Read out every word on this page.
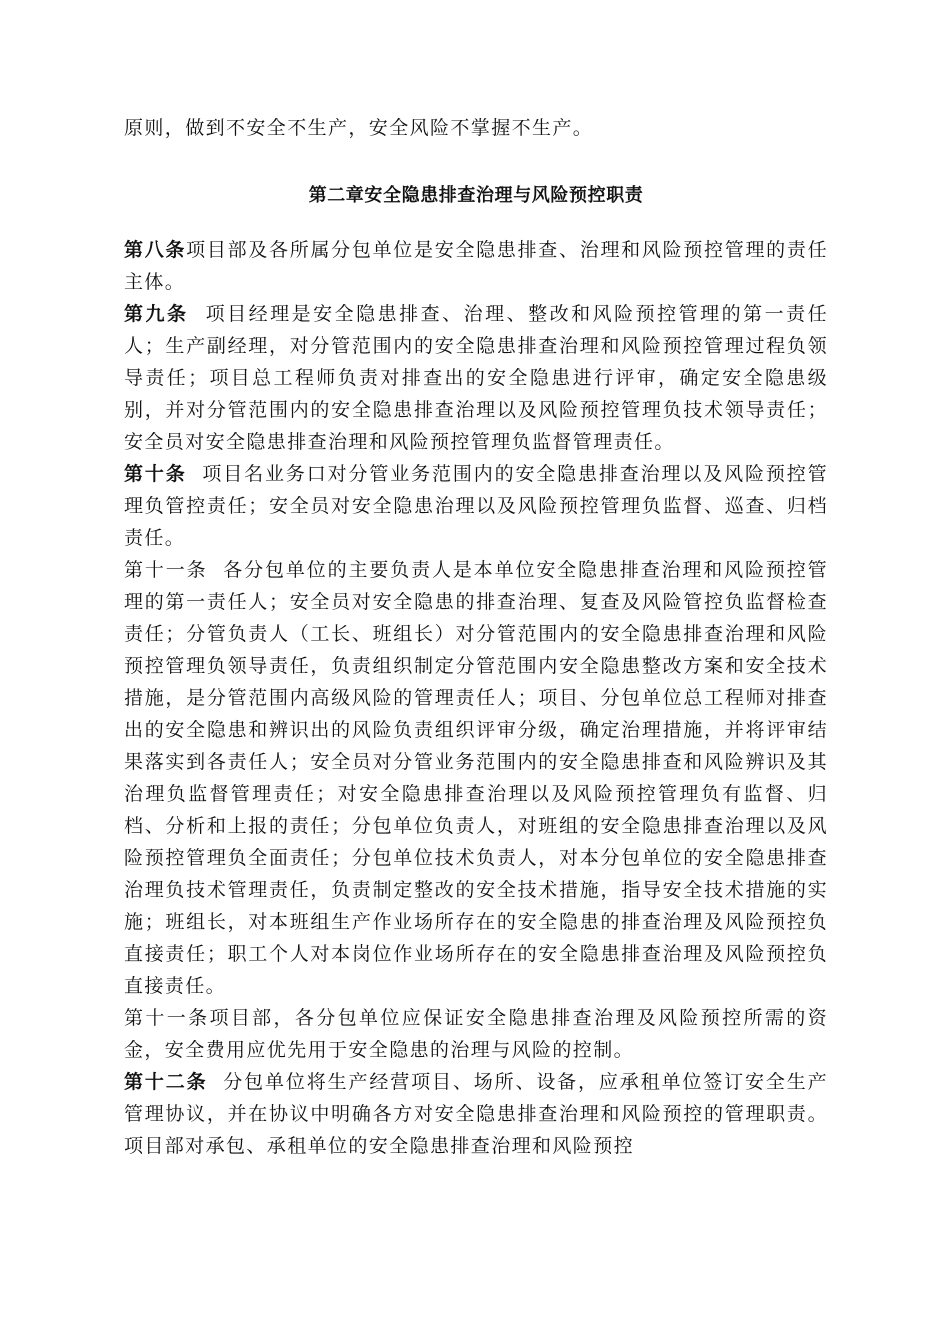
原则，做到不安全不生产，安全风险不掌握不生产。

第二章安全隐患排查治理与风险预控职责

第八条项目部及各所属分包单位是安全隐患排查、治理和风险预控管理的责任主体。

第九条  项目经理是安全隐患排查、治理、整改和风险预控管理的第一责任人；生产副经理，对分管范围内的安全隐患排查治理和风险预控管理过程负领导责任；项目总工程师负责对排查出的安全隐患进行评审，确定安全隐患级别，并对分管范围内的安全隐患排查治理以及风险预控管理负技术领导责任；安全员对安全隐患排查治理和风险预控管理负监督管理责任。

第十条  项目名业务口对分管业务范围内的安全隐患排查治理以及风险预控管理负管控责任；安全员对安全隐患治理以及风险预控管理负监督、巡查、归档责任。

第十一条  各分包单位的主要负责人是本单位安全隐患排查治理和风险预控管理的第一责任人；安全员对安全隐患的排查治理、复查及风险管控负监督检查责任；分管负责人（工长、班组长）对分管范围内的安全隐患排查治理和风险预控管理负领导责任，负责组织制定分管范围内安全隐患整改方案和安全技术措施，是分管范围内高级风险的管理责任人；项目、分包单位总工程师对排查出的安全隐患和辨识出的风险负责组织评审分级，确定治理措施，并将评审结果落实到各责任人；安全员对分管业务范围内的安全隐患排查和风险辨识及其治理负监督管理责任；对安全隐患排查治理以及风险预控管理负有监督、归档、分析和上报的责任；分包单位负责人，对班组的安全隐患排查治理以及风险预控管理负全面责任；分包单位技术负责人，对本分包单位的安全隐患排查治理负技术管理责任，负责制定整改的安全技术措施，指导安全技术措施的实施；班组长，对本班组生产作业场所存在的安全隐患的排查治理及风险预控负直接责任；职工个人对本岗位作业场所存在的安全隐患排查治理及风险预控负直接责任。

第十一条项目部，各分包单位应保证安全隐患排查治理及风险预控所需的资金，安全费用应优先用于安全隐患的治理与风险的控制。

第十二条  分包单位将生产经营项目、场所、设备，应承租单位签订安全生产管理协议，并在协议中明确各方对安全隐患排查治理和风险预控的管理职责。项目部对承包、承租单位的安全隐患排查治理和风险预控
